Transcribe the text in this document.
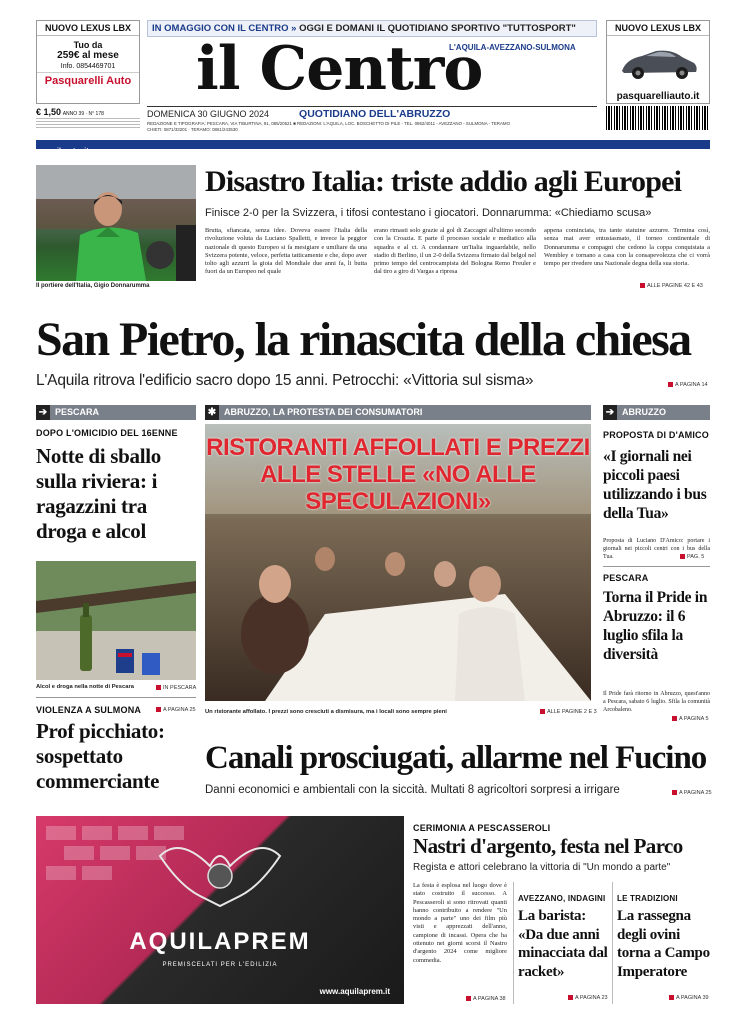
NUOVO LEXUS LBX
Tuo da
259€ al mese
Info. 0854469701
Pasquarelli Auto
€ 1,50 ANNO 39 · N° 178
IN OMAGGIO CON IL CENTRO » OGGI E DOMANI IL QUOTIDIANO SPORTIVO "TUTTOSPORT"
il Centro
L'AQUILA-AVEZZANO-SULMONA
NUOVO LEXUS LBX
pasquarelliauto.it
DOMENICA 30 GIUGNO 2024	QUOTIDIANO DELL'ABRUZZO
REDAZIONE E TIPOGRAFIA: PESCARA, VIA TIBURTINA, 91, 085/20521 ■ REDAZIONI: L'AQUILA, LOC. BOSCHETTO DI PILE - TEL. 0862/4011 - AVEZZANO - SULMONA - TERAMO
CHIETI: 0871/33201 · TERAMO: 0861/243530
www.ilcentro.it
Il portiere dell'Italia, Gigio Donnarumma
Disastro Italia: triste addio agli Europei
Finisce 2-0 per la Svizzera, i tifosi contestano i giocatori. Donnarumma: «Chiediamo scusa»
Brutta, sfiancata, senza idee. Doveva essere l'Italia della rivoluzione voluta da Luciano Spalletti, e invece la peggior nazionale di questo Europeo si fa mesigiare e umiliare da una Svizzera potente, veloce, perfetta tatticamente e che, dopo aver tolto agli azzurri la gioia del Mondiale due anni fa, li butta fuori da un Europeo nel quale
erano rimasti solo grazie al gol di Zaccagni all'ultimo secondo con la Croazia. E parte il processo sociale e mediatico alla squadra e al ct. A condannare un'Italia inguardabile, nello stadio di Berlino, il un 2-0 della Svizzera firmato dal belgol nel primo tempo del centrocampista del Bologna Remo Freuler e dal tiro a giro di Vargas a ripresa
appena cominciata, tra tante statuine azzurre. Termina così, senza mai aver entusiasmato, il torneo continentale di Donnarumma e compagni che cedono la coppa conquistata a Wembley e tornano a casa con la consapevolezza che ci vorrà tempo per rivedere una Nazionale degna della sua storia.
ALLE PAGINE 42 E 43
San Pietro, la rinascita della chiesa
L'Aquila ritrova l'edificio sacro dopo 15 anni. Petrocchi: «Vittoria sul sisma»	A PAGINA 14
➔ PESCARA
DOPO L'OMICIDIO DEL 16ENNE
Notte di sballo sulla riviera: i ragazzini tra droga e alcol
Alcol e droga nella notte di Pescara	IN PESCARA
VIOLENZA A SULMONA	A PAGINA 25
Prof picchiato: sospettato commerciante
✱ ABRUZZO, LA PROTESTA DEI CONSUMATORI
RISTORANTI AFFOLLATI E PREZZI ALLE STELLE «NO ALLE SPECULAZIONI»
Un ristorante affollato. I prezzi sono cresciuti a dismisura, ma i locali sono sempre pieni	ALLE PAGINE 2 E 3
➔ ABRUZZO
PROPOSTA DI D'AMICO
«I giornali nei piccoli paesi utilizzando i bus della Tua»
Proposta di Luciano D'Amico: portare i giornali nei piccoli centri con i bus della Tua.	PAG. 5
PESCARA
Torna il Pride in Abruzzo: il 6 luglio sfila la diversità
Il Pride farà ritorno in Abruzzo, quest'anno a Pescara, sabato 6 luglio. Sfila la comunità Arcobaleno.
A PAGINA 5
Canali prosciugati, allarme nel Fucino
Danni economici e ambientali con la siccità. Multati 8 agricoltori sorpresi a irrigare	A PAGINA 25
AQUILAPREM
PREMISCELATI PER L'EDILIZIA
www.aquilaprem.it
CERIMONIA A PESCASSEROLI
Nastri d'argento, festa nel Parco
Regista e attori celebrano la vittoria di "Un mondo a parte"
La festa è esplosa nel luogo dove è stato costruito il successo. A Pescasseroli si sono ritrovati quanti hanno contribuito a rendere "Un mondo a parte" uno dei film più visti e apprezzati dell'anno, campione di incassi. Opera che ha ottenuto nei giorni scorsi il Nastro d'argento 2024 come migliore commedia.
A PAGINA 38
AVEZZANO, INDAGINI
La barista: «Da due anni minacciata dal racket»
A PAGINA 23
LE TRADIZIONI
La rassegna degli ovini torna a Campo Imperatore
A PAGINA 39
